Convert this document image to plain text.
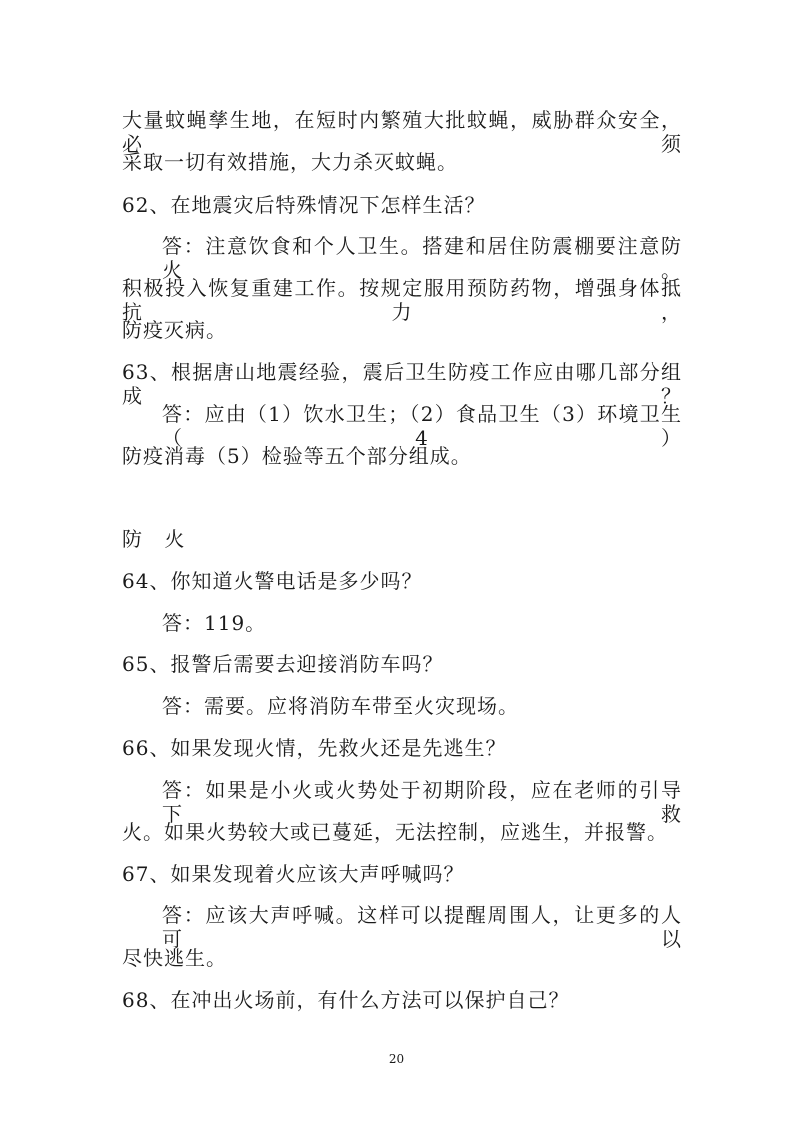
大量蚊蝇孳生地，在短时内繁殖大批蚊蝇，威胁群众安全，必须
采取一切有效措施，大力杀灭蚊蝇。
62、在地震灾后特殊情况下怎样生活？
答：注意饮食和个人卫生。搭建和居住防震棚要注意防火。
积极投入恢复重建工作。按规定服用预防药物，增强身体抵抗力，
防疫灭病。
63、根据唐山地震经验，震后卫生防疫工作应由哪几部分组成？
答：应由（1）饮水卫生；（2）食品卫生（3）环境卫生（4）
防疫消毒（5）检验等五个部分组成。
防 火
64、你知道火警电话是多少吗？
答：119。
65、报警后需要去迎接消防车吗？
答：需要。应将消防车带至火灾现场。
66、如果发现火情，先救火还是先逃生？
答：如果是小火或火势处于初期阶段，应在老师的引导下救
火。如果火势较大或已蔓延，无法控制，应逃生，并报警。
67、如果发现着火应该大声呼喊吗？
答：应该大声呼喊。这样可以提醒周围人，让更多的人可以
尽快逃生。
68、在冲出火场前，有什么方法可以保护自己？
20
